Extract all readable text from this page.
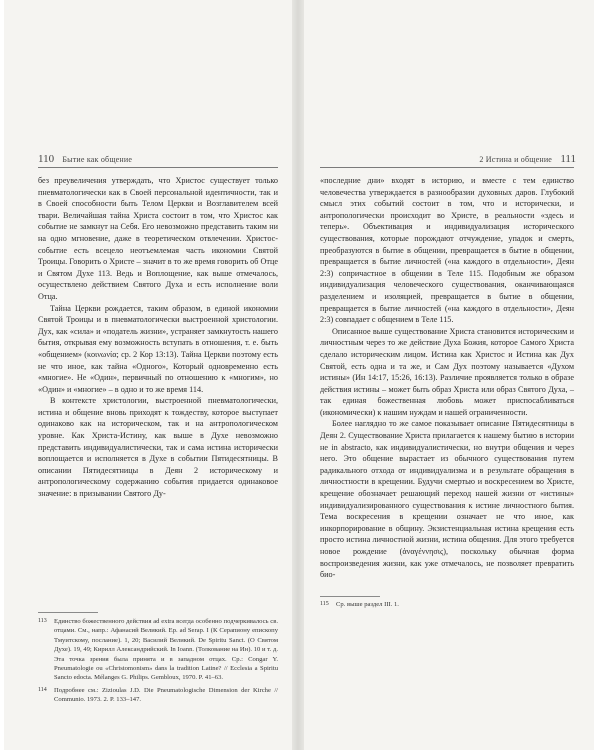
110 Бытие как общение

без преувеличения утверждать, что Христос существует только пневматологически как в Своей персональной идентичности, так и в Своей способности быть Телом Церкви и Возглавителем всей твари. Величайшая тайна Христа состоит в том, что Христос как событие не замкнут на Себя. Его невозможно представить таким ни на одно мгновение, даже в теоретическом отвлечении. Христос-событие есть всецело неотъемлемая часть икономии Святой Троицы. Говорить о Христе – значит в то же время говорить об Отце и Святом Духе 113. Ведь и Воплощение, как выше отмечалось, осуществлено действием Святого Духа и есть исполнение воли Отца.

Тайна Церкви рождается, таким образом, в единой икономии Святой Троицы и в пневматологически выстроенной христологии. Дух, как «сила» и «податель жизни», устраняет замкнутость нашего бытия, открывая ему возможность вступать в отношения, т. е. быть «общением» (κοινωνία; ср. 2 Кор 13:13). Тайна Церкви поэтому есть не что иное, как тайна «Одного», Который одновременно есть «многие». Не «Один», первичный по отношению к «многим», но «Один» и «многие» – в одно и то же время 114.

В контексте христологии, выстроенной пневматологически, истина и общение вновь приходят к тождеству, которое выступает одинаково как на историческом, так и на антропологическом уровне. Как Христа-Истину, как выше в Духе невозможно представить индивидуалистически, так и сама истина исторически воплощается и исполняется в Духе в событии Пятидесятницы. В описании Пятидесятницы в Деян 2 историческому и антропологическому содержанию события придается одинаковое значение: в призывании Святого Ду-

113	Единство божественного действия ad extra всегда особенно подчеркивалось св. отцами. См., напр.: Афанасий Великий. Ep. ad Serap. I (К Серапиону епископу Тмуитскому, послание). 1, 20; Василий Великий. De Spiritu Sanct. (О Святом Духе). 19, 49; Кирилл Александрийский. In Ioann. (Толкование на Ин). 10 и т. д. Эта точка зрения была принята и в западном отцах. Ср.: Congar Y. Pneumatologie ou «Christomonism» dans la tradition Latine? // Ecclesia a Spiritu Sancto edocta. Mélanges G. Philips. Gembloux, 1970. P. 41–63.
114	Подробнее см.: Zizioulas J.D. Die Pneumatologische Dimension der Kirche // Communio. 1973. 2. P. 133–147.
2 Истина и общение 111

«последние дни» входят в историю, и вместе с тем единство человечества утверждается в разнообразии духовных даров. Глубокий смысл этих событий состоит в том, что и исторически, и антропологически происходит во Христе, в реальности «здесь и теперь». Объективация и индивидуализация исторического существования, которые порождают отчуждение, упадок и смерть, преобразуются в бытие в общении, превращается в бытие в общении, превращается в бытие личностей («на каждого в отдельности», Деян 2:3) сопричастное в общении в Теле 115. Подобным же образом индивидуализация человеческого существования, оканчивающаяся разделением и изоляцией, превращается в бытие в общении, превращается в бытие личностей («на каждого в отдельности», Деян 2:3) совпадает с общением в Теле 115.

Описанное выше существование Христа становится историческим и личностным через то же действие Духа Божия, которое Самого Христа сделало историческим лицом. Истина как Христос и Истина как Дух Святой, есть одна и та же, и Сам Дух поэтому называется «Духом истины» (Ин 14:17, 15:26, 16:13). Различие проявляется только в образе действия истины – может быть образ Христа или образ Святого Духа, – так единая божественная любовь может приспосабливаться (икономически) к нашим нуждам и нашей ограниченности.

Более наглядно то же самое показывает описание Пятидесятницы в Деян 2. Существование Христа прилагается к нашему бытию в истории не in abstracto, как индивидуалистически, но внутри общения и через него. Это общение вырастает из обычного существования путем радикального отхода от индивидуализма и в результате обращения в личностности в крещении. Будучи смертью и воскресением во Христе, крещение обозначает решающий переход нашей жизни от «истины» индивидуализированного существования к истине личностного бытия. Тема воскресения в крещении означает не что иное, как инкорпорирование в общину. Экзистенциальная истина крещения есть просто истина личностной жизни, истина общения. Для этого требуется новое рождение (ἀναγέννησις), поскольку обычная форма воспроизведения жизни, как уже отмечалось, не позволяет превратить био-

115	Ср. выше раздел III. 1.
